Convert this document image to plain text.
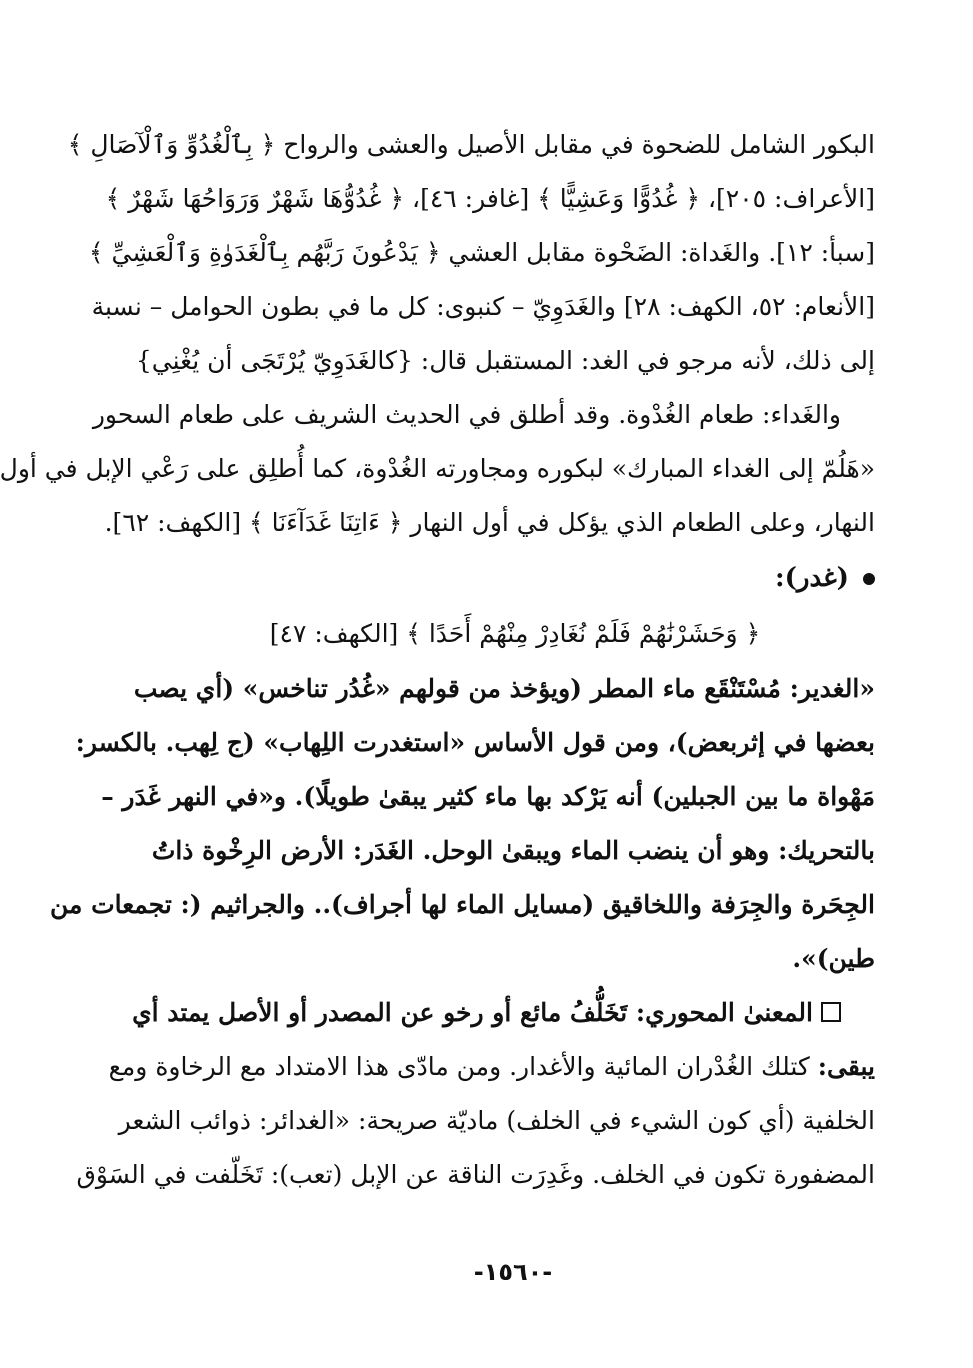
البكور الشامل للضحوة في مقابل الأصيل والعشى والرواح ﴿ بِٱلْغُدُوِّ وَٱلْآصَالِ ﴾
[الأعراف: ٢٠٥]، ﴿ غُدُوًّا وَعَشِيًّا ﴾ [غافر: ٤٦]، ﴿ غُدُوُّهَا شَهْرٌ وَرَوَاحُهَا شَهْرٌ ﴾
[سبأ: ١٢]. والغَداة: الضَحْوة مقابل العشي ﴿ يَدْعُونَ رَبَّهُم بِٱلْغَدَوٰةِ وَٱلْعَشِيِّ ﴾
[الأنعام: ٥٢، الكهف: ٢٨] والغَدَوِيّ – كنبوى: كل ما في بطون الحوامل – نسبة
إلى ذلك، لأنه مرجو في الغد: المستقبل قال: {كالغَدَوِيّ يُرْتَجَى أن يُغْنِي}
والغَداء: طعام الغُدْوة. وقد أطلق في الحديث الشريف على طعام السحور
«هَلُمّ إلى الغداء المبارك» لبكوره ومجاورته الغُدْوة، كما أُطلِق على رَعْي الإبل في أول
النهار، وعلى الطعام الذي يؤكل في أول النهار ﴿ ءَاتِنَا غَدَآءَنَا ﴾ [الكهف: ٦٢].
(غدر):
﴿ وَحَشَرْنَٰهُمْ فَلَمْ نُغَادِرْ مِنْهُمْ أَحَدًا ﴾ [الكهف: ٤٧]
«الغدير: مُسْتَنْقَع ماء المطر (ويؤخذ من قولهم «غُدُر تناخس» (أي يصب
بعضها في إثربعض)، ومن قول الأساس «استغدرت اللِهاب» (ج لِهب. بالكسر:
مَهْواة ما بين الجبلين) أنه يَرْكد بها ماء كثير يبقىٰ طويلًا). و«في النهر غَدَر –
بالتحريك: وهو أن ينضب الماء ويبقىٰ الوحل. الغَدَر: الأرض الرِخْوة ذاتُ
الجِحَرة والجِرَفة واللخاقيق (مسايل الماء لها أجراف).. والجراثيم (: تجمعات من
طين)».
المعنىٰ المحوري: تَخَلُّفُ مائع أو رخو عن المصدر أو الأصل يمتد أي
يبقى: كتلك الغُدْران المائية والأغدار. ومن مادّى هذا الامتداد مع الرخاوة ومع
الخلفية (أي كون الشيء في الخلف) ماديّة صريحة: «الغدائر: ذوائب الشعر
المضفورة تكون في الخلف. وغَدِرَت الناقة عن الإبل (تعب): تَخَلّفت في السَوْق
-١٥٦٠-
